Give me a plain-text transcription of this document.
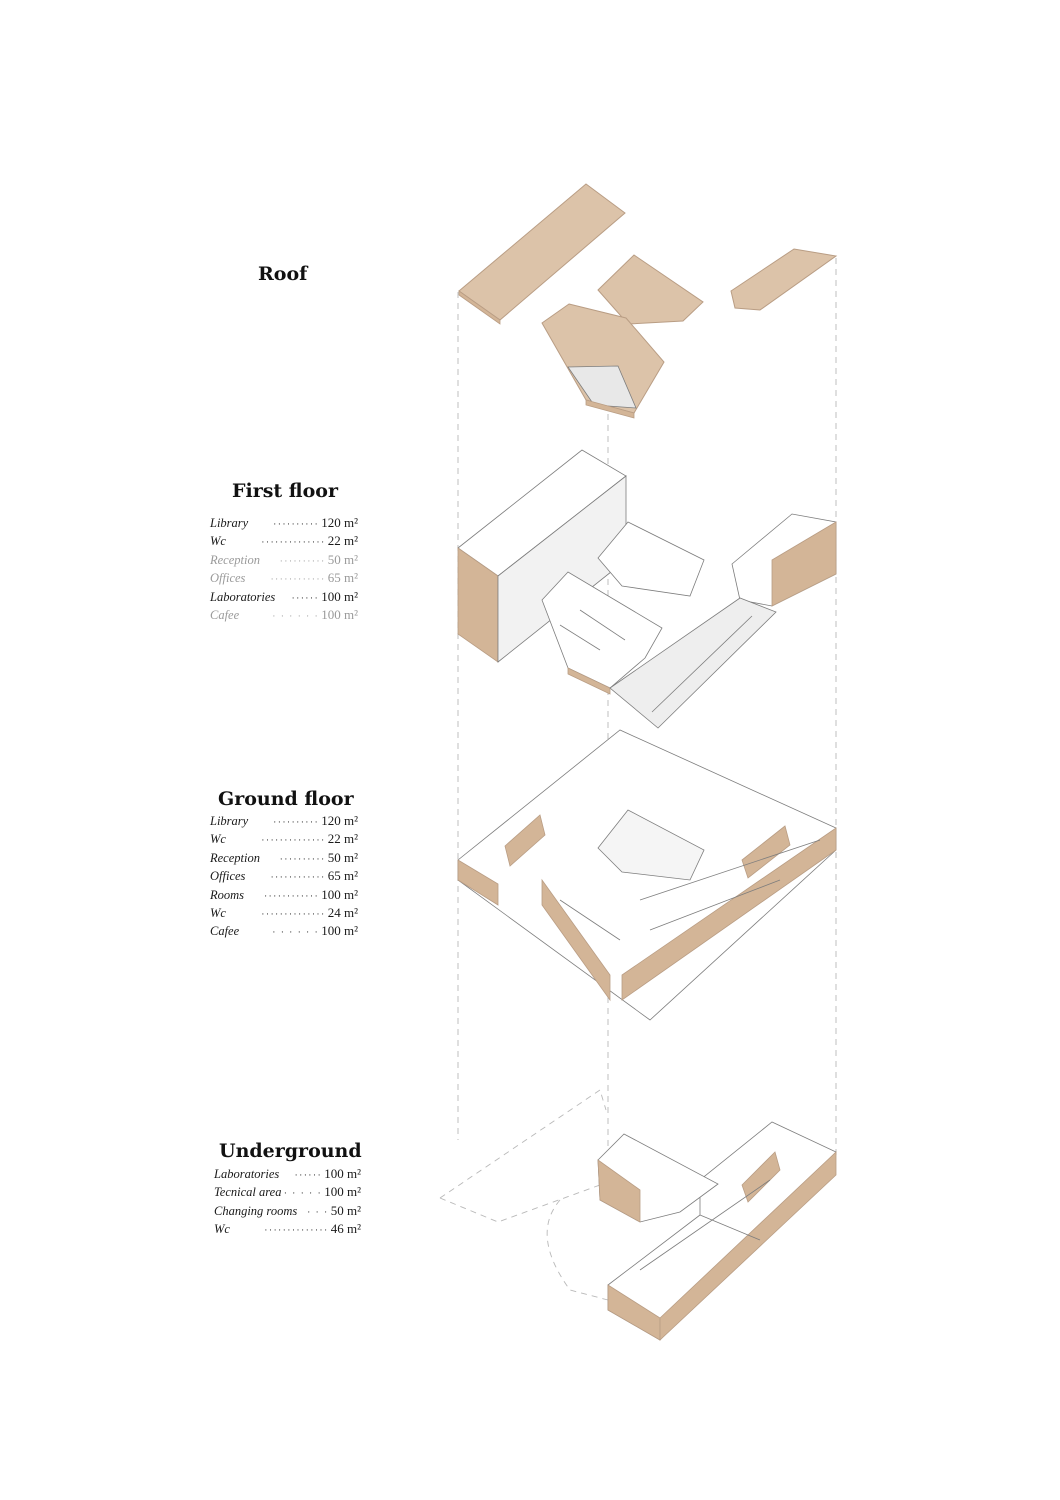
Roof
First floor
Library	·········· 120 m²
Wc	·············· 22 m²
Reception	·········· 50 m²
Offices	············ 65 m²
Laboratories	······ 100 m²
Cafee	· · · · · · 100 m²
Ground floor
Library	·········· 120 m²
Wc	·············· 22 m²
Reception	·········· 50 m²
Offices	············ 65 m²
Rooms	············ 100 m²
Wc	·············· 24 m²
Cafee	· · · · · · 100 m²
Underground
Laboratories	······ 100 m²
Tecnical area · · · · · 100 m²
Changing rooms	· · · 50 m²
Wc	·············· 46 m²
